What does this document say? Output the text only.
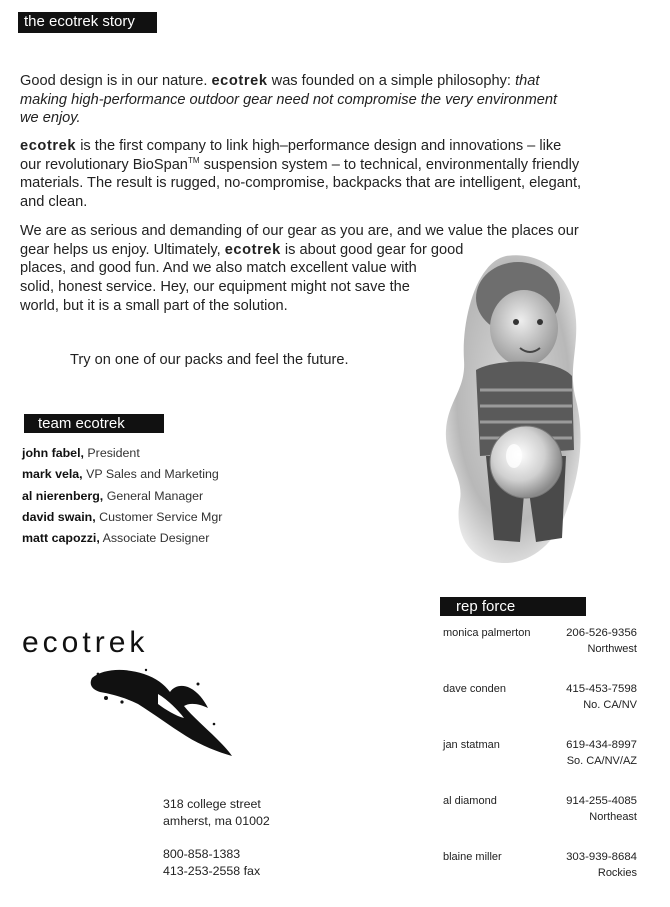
the ecotrek story

Good design is in our nature. ecotrek was founded on a simple philosophy: that
making high-performance outdoor gear need not compromise the very environment
we enjoy.

ecotrek is the first company to link high–performance design and innovations – like
our revolutionary BioSpan™ suspension system – to technical, environmentally friendly
materials. The result is rugged, no-compromise, backpacks that are intelligent, elegant,
and clean.

We are as serious and demanding of our gear as you are, and we value the places our
gear helps us enjoy. Ultimately, ecotrek is about good gear for good
places, and good fun. And we also match excellent value with
solid, honest service. Hey, our equipment might not save the
world, but it is a small part of the solution.

Try on one of our packs and feel the future.

team ecotrek
john fabel, President
mark vela, VP Sales and Marketing
al nierenberg, General Manager
david swain, Customer Service Mgr
matt capozzi, Associate Designer
ecotrek
318 college street
amherst, ma 01002
800-858-1383
413-253-2558 fax
rep force
monica palmerton	206-526-9356
Northwest
dave conden	415-453-7598
No. CA/NV
jan statman	619-434-8997
So. CA/NV/AZ
al diamond	914-255-4085
Northeast
blaine miller	303-939-8684
Rockies
